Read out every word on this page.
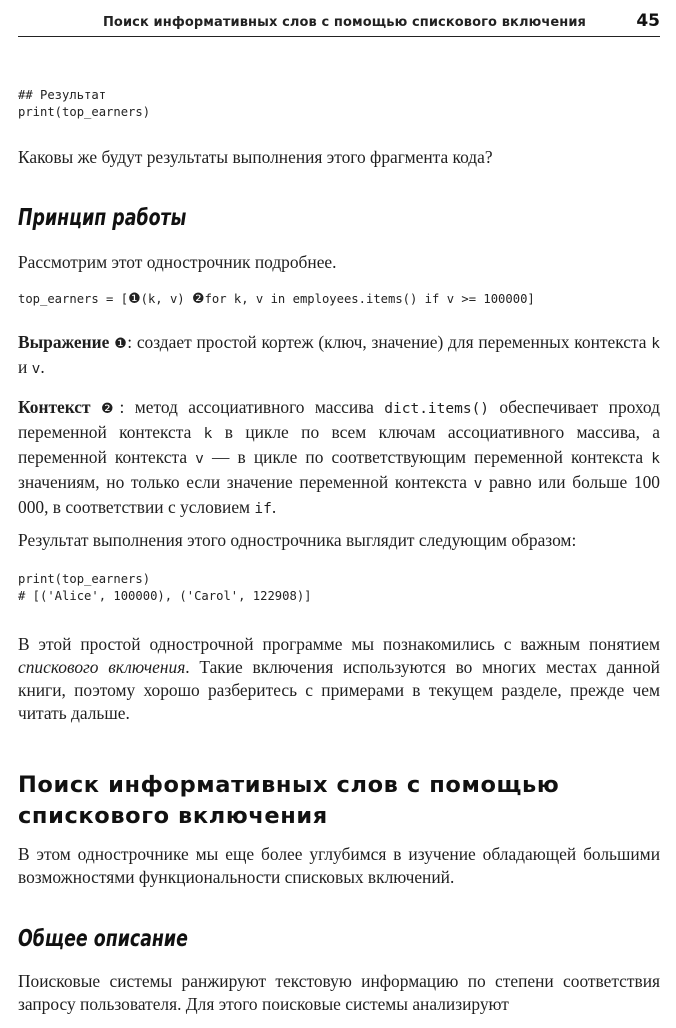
Поиск информативных слов с помощью спискового включения	45
## Результат
print(top_earners)
Каковы же будут результаты выполнения этого фрагмента кода?
Принцип работы
Рассмотрим этот однострочник подробнее.
top_earners = [❶(k, v) ❷for k, v in employees.items() if v >= 100000]
Выражение ❶: создает простой кортеж (ключ, значение) для переменных контекста k и v.
Контекст ❷: метод ассоциативного массива dict.items() обеспечивает проход переменной контекста k в цикле по всем ключам ассоциативного массива, а переменной контекста v — в цикле по соответствующим переменной контекста k значениям, но только если значение переменной контекста v равно или больше 100 000, в соответствии с условием if.
Результат выполнения этого однострочника выглядит следующим образом:
print(top_earners)
# [('Alice', 100000), ('Carol', 122908)]
В этой простой однострочной программе мы познакомились с важным понятием спискового включения. Такие включения используются во многих местах данной книги, поэтому хорошо разберитесь с примерами в текущем разделе, прежде чем читать дальше.
Поиск информативных слов с помощью спискового включения
В этом однострочнике мы еще более углубимся в изучение обладающей большими возможностями функциональности списковых включений.
Общее описание
Поисковые системы ранжируют текстовую информацию по степени соответствия запросу пользователя. Для этого поисковые системы анализируют
